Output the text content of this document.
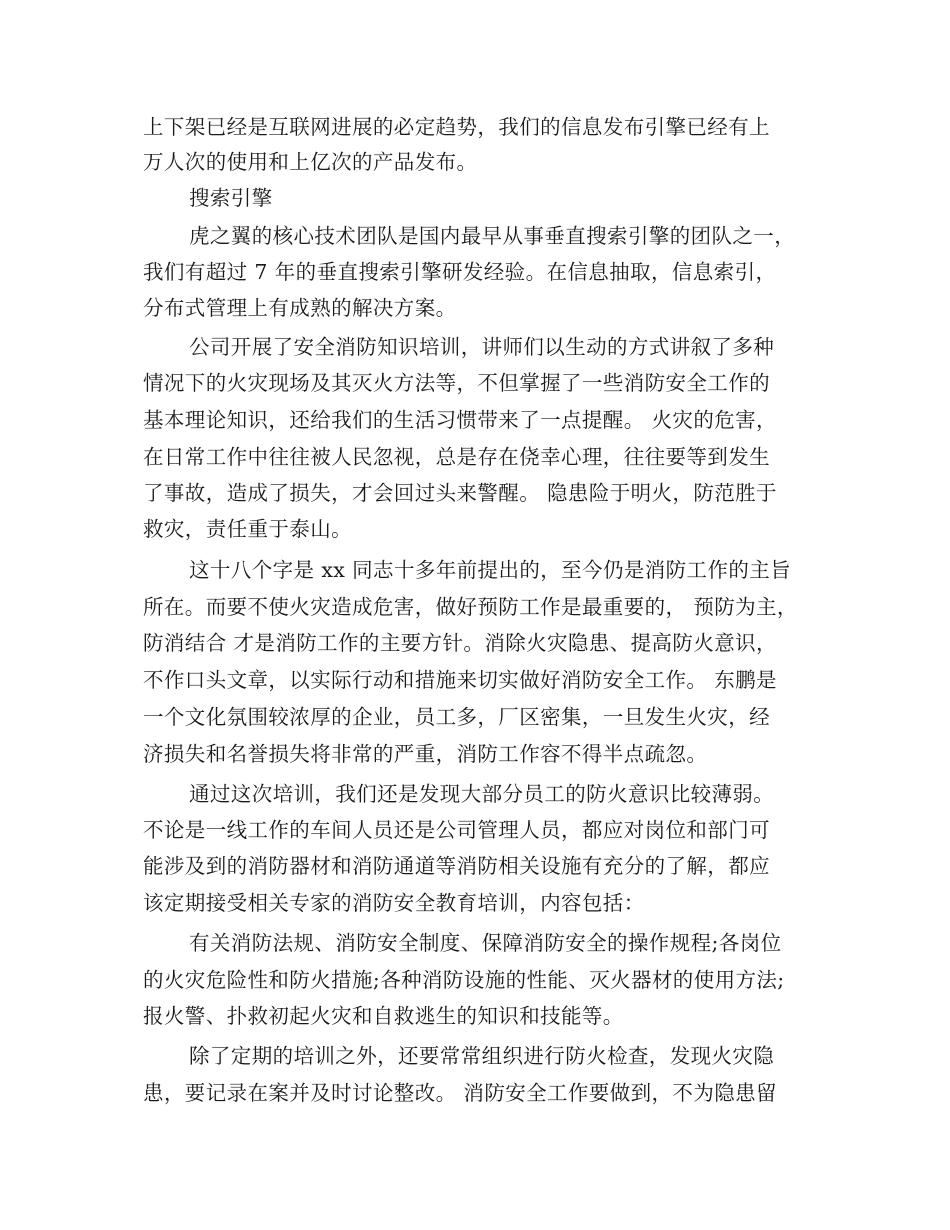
上下架已经是互联网进展的必定趋势，我们的信息发布引擎已经有上
万人次的使用和上亿次的产品发布。
搜索引擎
虎之翼的核心技术团队是国内最早从事垂直搜索引擎的团队之一，
我们有超过 7 年的垂直搜索引擎研发经验。在信息抽取，信息索引，
分布式管理上有成熟的解决方案。
公司开展了安全消防知识培训，讲师们以生动的方式讲叙了多种
情况下的火灾现场及其灭火方法等，不但掌握了一些消防安全工作的
基本理论知识，还给我们的生活习惯带来了一点提醒。 火灾的危害，
在日常工作中往往被人民忽视，总是存在侥幸心理，往往要等到发生
了事故，造成了损失，才会回过头来警醒。 隐患险于明火，防范胜于
救灾，责任重于泰山。
这十八个字是 xx 同志十多年前提出的，至今仍是消防工作的主旨
所在。而要不使火灾造成危害，做好预防工作是最重要的， 预防为主，
防消结合 才是消防工作的主要方针。消除火灾隐患、提高防火意识，
不作口头文章，以实际行动和措施来切实做好消防安全工作。 东鹏是
一个文化氛围较浓厚的企业，员工多，厂区密集，一旦发生火灾，经
济损失和名誉损失将非常的严重，消防工作容不得半点疏忽。
通过这次培训，我们还是发现大部分员工的防火意识比较薄弱。
不论是一线工作的车间人员还是公司管理人员，都应对岗位和部门可
能涉及到的消防器材和消防通道等消防相关设施有充分的了解，都应
该定期接受相关专家的消防安全教育培训，内容包括：
有关消防法规、消防安全制度、保障消防安全的操作规程;各岗位
的火灾危险性和防火措施;各种消防设施的性能、灭火器材的使用方法;
报火警、扑救初起火灾和自救逃生的知识和技能等。
除了定期的培训之外，还要常常组织进行防火检查，发现火灾隐
患，要记录在案并及时讨论整改。 消防安全工作要做到，不为隐患留
